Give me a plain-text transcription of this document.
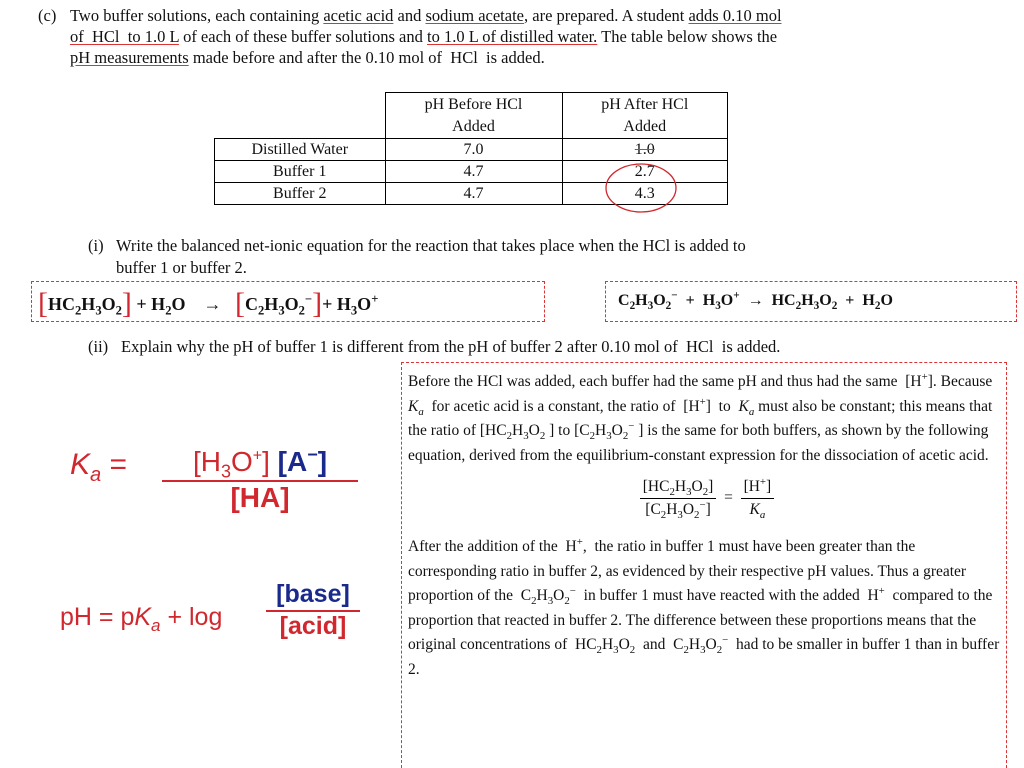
(c) Two buffer solutions, each containing acetic acid and sodium acetate, are prepared. A student adds 0.10 mol
of  HCl  to 1.0 L of each of these buffer solutions and to 1.0 L of distilled water. The table below shows the
pH measurements made before and after the 0.10 mol of  HCl  is added.
	pH Before HCl
Added	pH After HCl
Added
Distilled Water	7.0	1.0
Buffer 1	4.7	2.7
Buffer 2	4.7	4.3
(i) Write the balanced net-ionic equation for the reaction that takes place when the HCl is added to
buffer 1 or buffer 2.
$[HC_2H_3O_2] + H_2O$    →   $[C_2H_3O_2^-]+ H_3O^+$	$C_2H_3O_2^- + H_3O^+ \to HC_2H_3O_2 + H_2O$
(ii) Explain why the pH of buffer 1 is different from the pH of buffer 2 after 0.10 mol of  HCl  is added.
$K_a$ =	$[H_3O^+]$ [A−]
[HA]
pH = $pK_a + \log$
[base]
[acid]
Before the HCl was added, each buffer had the same pH and thus had the same  [H+]. Because  $K_a$  for acetic acid is a constant, the ratio of  [H+]  to  $K_a$ must also be constant; this means that the ratio of [$HC_2H_3O_2$ ] to [$C_2H_3O_2^-$ ] is the same for both buffers, as shown by the following equation, derived from the equilibrium-constant expression for the dissociation of acetic acid.
$\frac{[HC_2H_3O_2]}{[C_2H_3O_2^-]} = \frac{[H^+]}{K_a}$
After the addition of the  H+,  the ratio in buffer 1 must have been greater than the corresponding ratio in buffer 2, as evidenced by their respective pH values. Thus a greater proportion of the  $C_2H_3O_2^-$  in buffer 1 must have reacted with the added  H+  compared to the proportion that reacted in buffer 2. The difference between these proportions means that the original concentrations of  $HC_2H_3O_2$  and  $C_2H_3O_2^-$  had to be smaller in buffer 1 than in buffer 2.
